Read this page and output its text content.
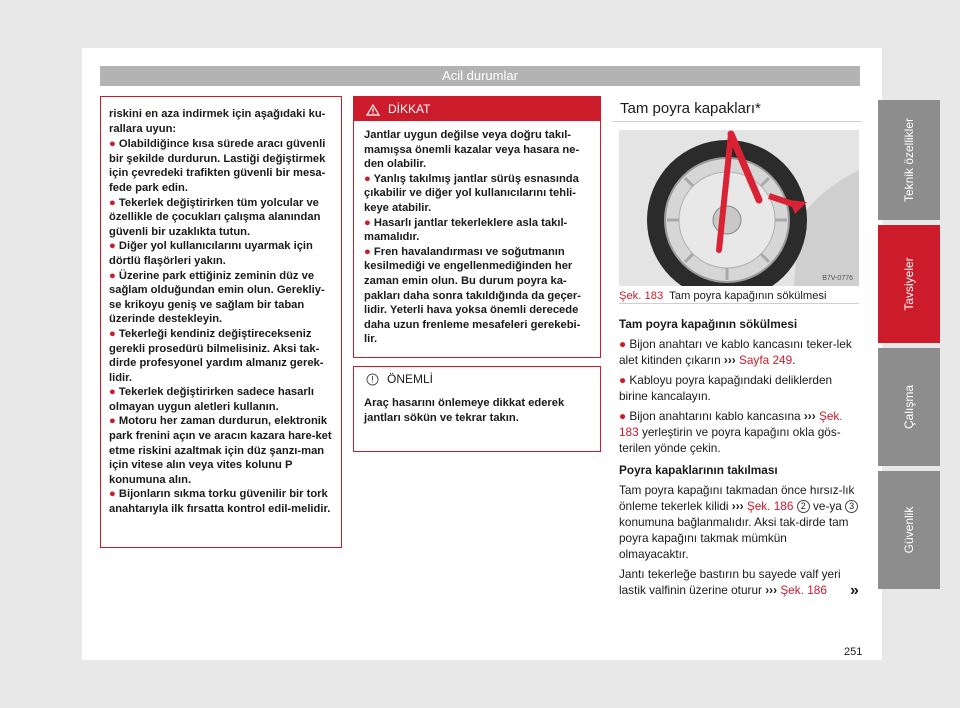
Acil durumlar

riskini en aza indirmek için aşağıdaki ku-rallara uyun:

● Olabildiğince kısa sürede aracı güvenli bir şekilde durdurun. Lastiği değiştirmek için çevredeki trafikten güvenli bir mesa-fede park edin.

● Tekerlek değiştirirken tüm yolcular ve özellikle de çocukları çalışma alanından güvenli bir uzaklıkta tutun.

● Diğer yol kullanıcılarını uyarmak için dörtlü flaşörleri yakın.

● Üzerine park ettiğiniz zeminin düz ve sağlam olduğundan emin olun. Gerekliy-se krikoyu geniş ve sağlam bir taban üzerinde destekleyin.

● Tekerleği kendiniz değiştirecekseniz gerekli prosedürü bilmelisiniz. Aksi tak-dirde profesyonel yardım almanız gerek-lidir.

● Tekerlek değiştirirken sadece hasarlı olmayan uygun aletleri kullanın.

● Motoru her zaman durdurun, elektronik park frenini açın ve aracın kazara hare-ket etme riskini azaltmak için düz şanzı-man için vitese alın veya vites kolunu P konumuna alın.

● Bijonların sıkma torku güvenilir bir tork anahtarıyla ilk fırsatta kontrol edil-melidir.

DİKKAT

Jantlar uygun değilse veya doğru takıl-mamışsa önemli kazalar veya hasara ne-den olabilir.

● Yanlış takılmış jantlar sürüş esnasında çıkabilir ve diğer yol kullanıcılarını tehli-keye atabilir.

● Hasarlı jantlar tekerleklere asla takıl-mamalıdır.

● Fren havalandırması ve soğutmanın kesilmediği ve engellenmediğinden her zaman emin olun. Bu durum poyra ka-pakları daha sonra takıldığında da geçer-lidir. Yeterli hava yoksa önemli derecede daha uzun frenleme mesafeleri gerekebi-lir.

ÖNEMLİ
Araç hasarını önlemeye dikkat ederek jantları sökün ve tekrar takın.
Tam poyra kapakları*
B7V-0776
Şek. 183 Tam poyra kapağının sökülmesi

Tam poyra kapağının sökülmesi

● Bijon anahtarı ve kablo kancasını teker-lek alet kitinden çıkarın ››› Sayfa 249.

● Kabloyu poyra kapağındaki deliklerden birine kancalayın.

● Bijon anahtarını kablo kancasına ››› Şek. 183 yerleştirin ve poyra kapağını okla gös-terilen yönde çekin.

Poyra kapaklarının takılması

Tam poyra kapağını takmadan önce hırsız-lık önleme tekerlek kilidi ››› Şek. 186 2 ve-ya 3 konumuna bağlanmalıdır. Aksi tak-dirde tam poyra kapağını takmak mümkün olmayacaktır.

Jantı tekerleğe bastırın bu sayede valf yeri lastik valfinin üzerine oturur ››› Şek. 186	»
251
Teknik özellikler
Tavsiyeler
Çalışma
Güvenlik
